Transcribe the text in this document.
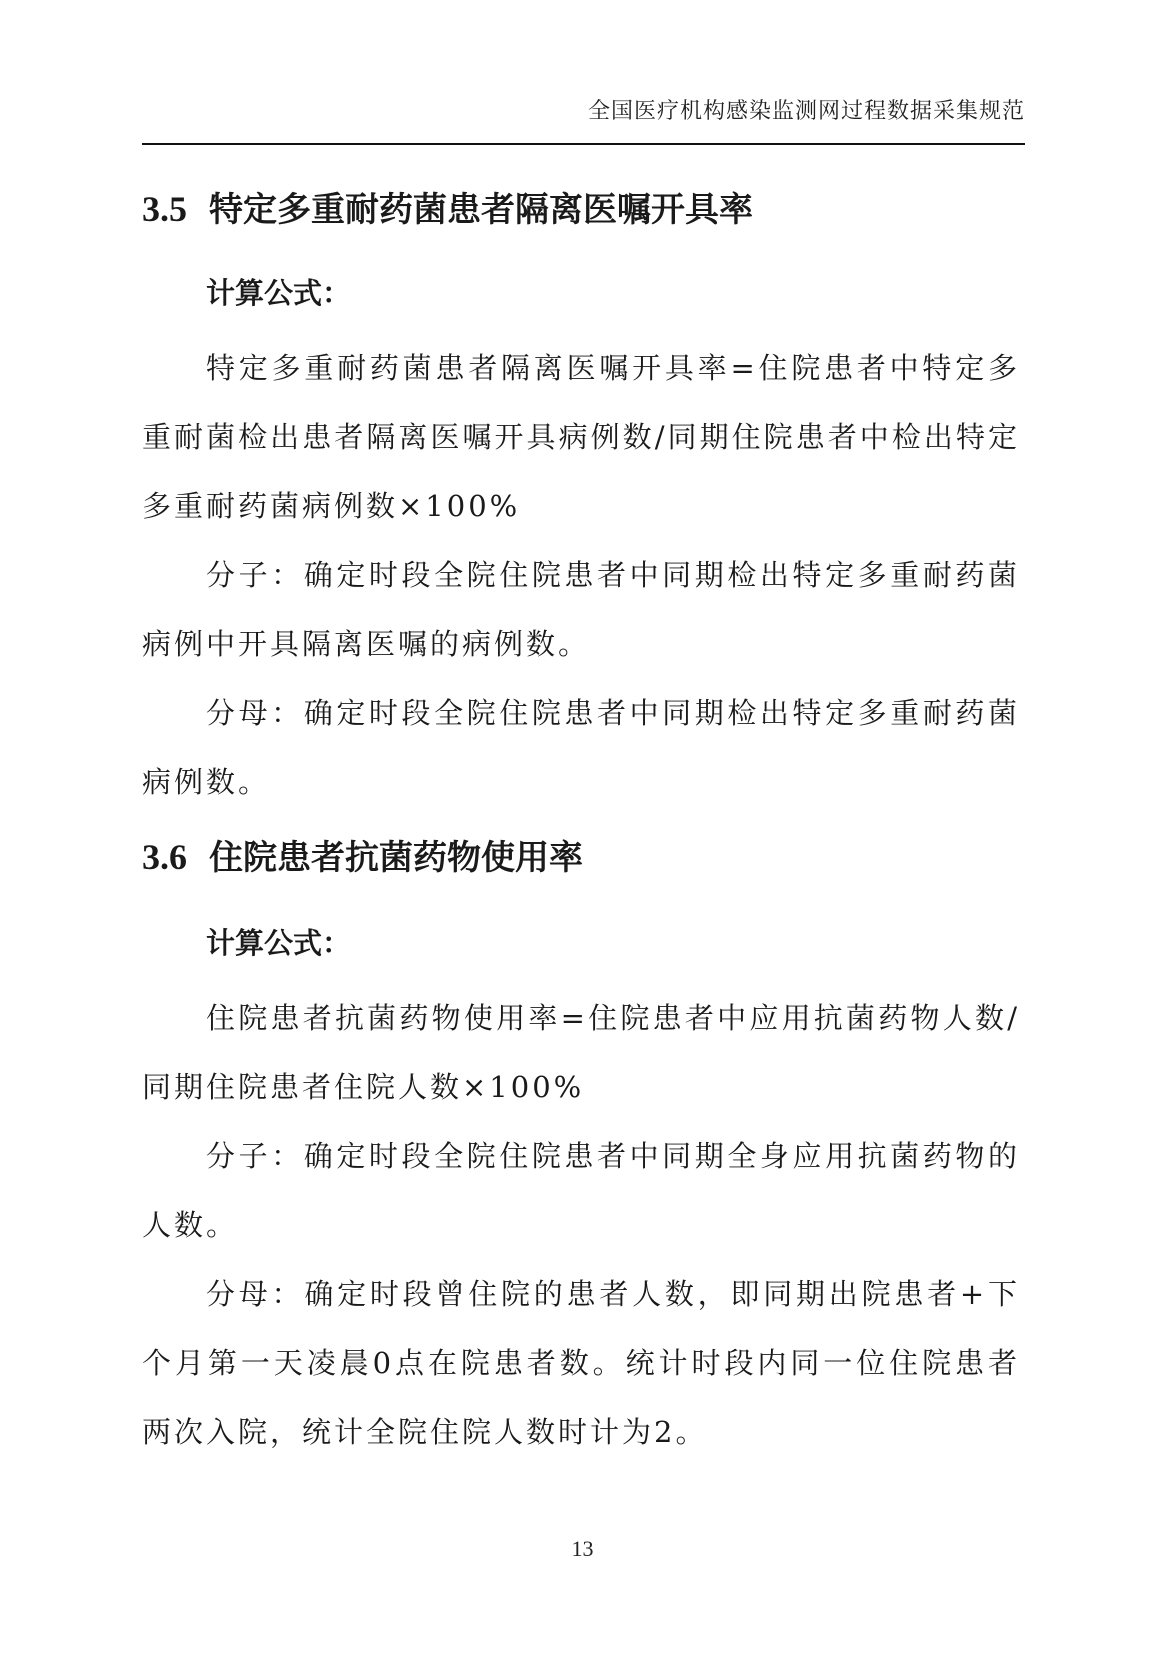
全国医疗机构感染监测网过程数据采集规范
3.5 特定多重耐药菌患者隔离医嘱开具率

计算公式：

特定多重耐药菌患者隔离医嘱开具率=住院患者中特定多重耐菌检出患者隔离医嘱开具病例数/同期住院患者中检出特定多重耐药菌病例数×100%

分子：确定时段全院住院患者中同期检出特定多重耐药菌病例中开具隔离医嘱的病例数。

分母：确定时段全院住院患者中同期检出特定多重耐药菌病例数。

3.6 住院患者抗菌药物使用率

计算公式：

住院患者抗菌药物使用率=住院患者中应用抗菌药物人数/同期住院患者住院人数×100%

分子：确定时段全院住院患者中同期全身应用抗菌药物的人数。

分母：确定时段曾住院的患者人数，即同期出院患者+下个月第一天凌晨0点在院患者数。统计时段内同一位住院患者两次入院，统计全院住院人数时计为2。

13
